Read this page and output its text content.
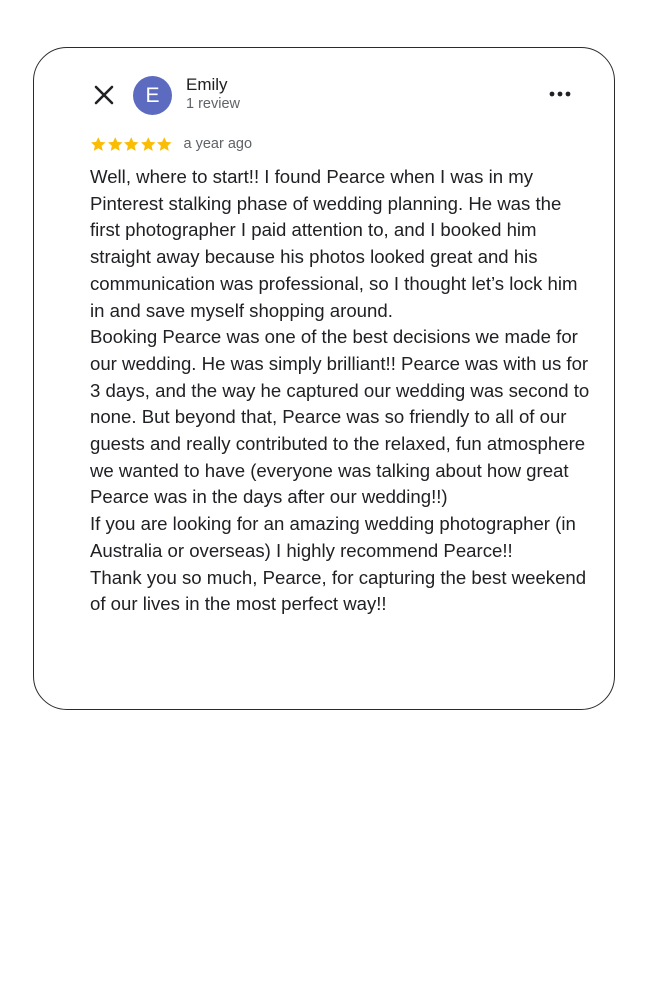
E Emily
1 review
a year ago

Well, where to start!! I found Pearce when I was in my Pinterest stalking phase of wedding planning. He was the first photographer I paid attention to, and I booked him straight away because his photos looked great and his communication was professional, so I thought let’s lock him in and save myself shopping around.

Booking Pearce was one of the best decisions we made for our wedding. He was simply brilliant!! Pearce was with us for 3 days, and the way he captured our wedding was second to none. But beyond that, Pearce was so friendly to all of our guests and really contributed to the relaxed, fun atmosphere we wanted to have (everyone was talking about how great Pearce was in the days after our wedding!!)

If you are looking for an amazing wedding photographer (in Australia or overseas) I highly recommend Pearce!!

Thank you so much, Pearce, for capturing the best weekend of our lives in the most perfect way!!
